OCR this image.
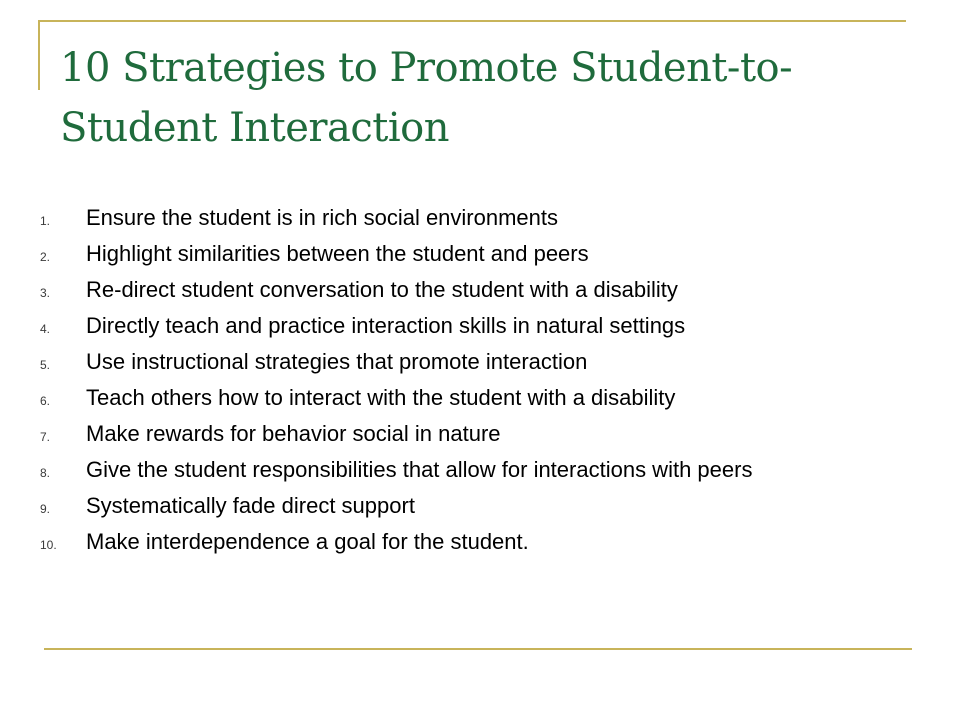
10 Strategies to Promote Student-to-Student Interaction
1.	Ensure the student is in rich social environments
2.	Highlight similarities between the student and peers
3.	Re-direct student conversation to the student with a disability
4.	Directly teach and practice interaction skills in natural settings
5.	Use instructional strategies that promote interaction
6.	Teach others how to interact with the student with a disability
7.	Make rewards for behavior social in nature
8.	Give the student responsibilities that allow for interactions with peers
9.	Systematically fade direct support
10.	Make interdependence a goal for the student.
